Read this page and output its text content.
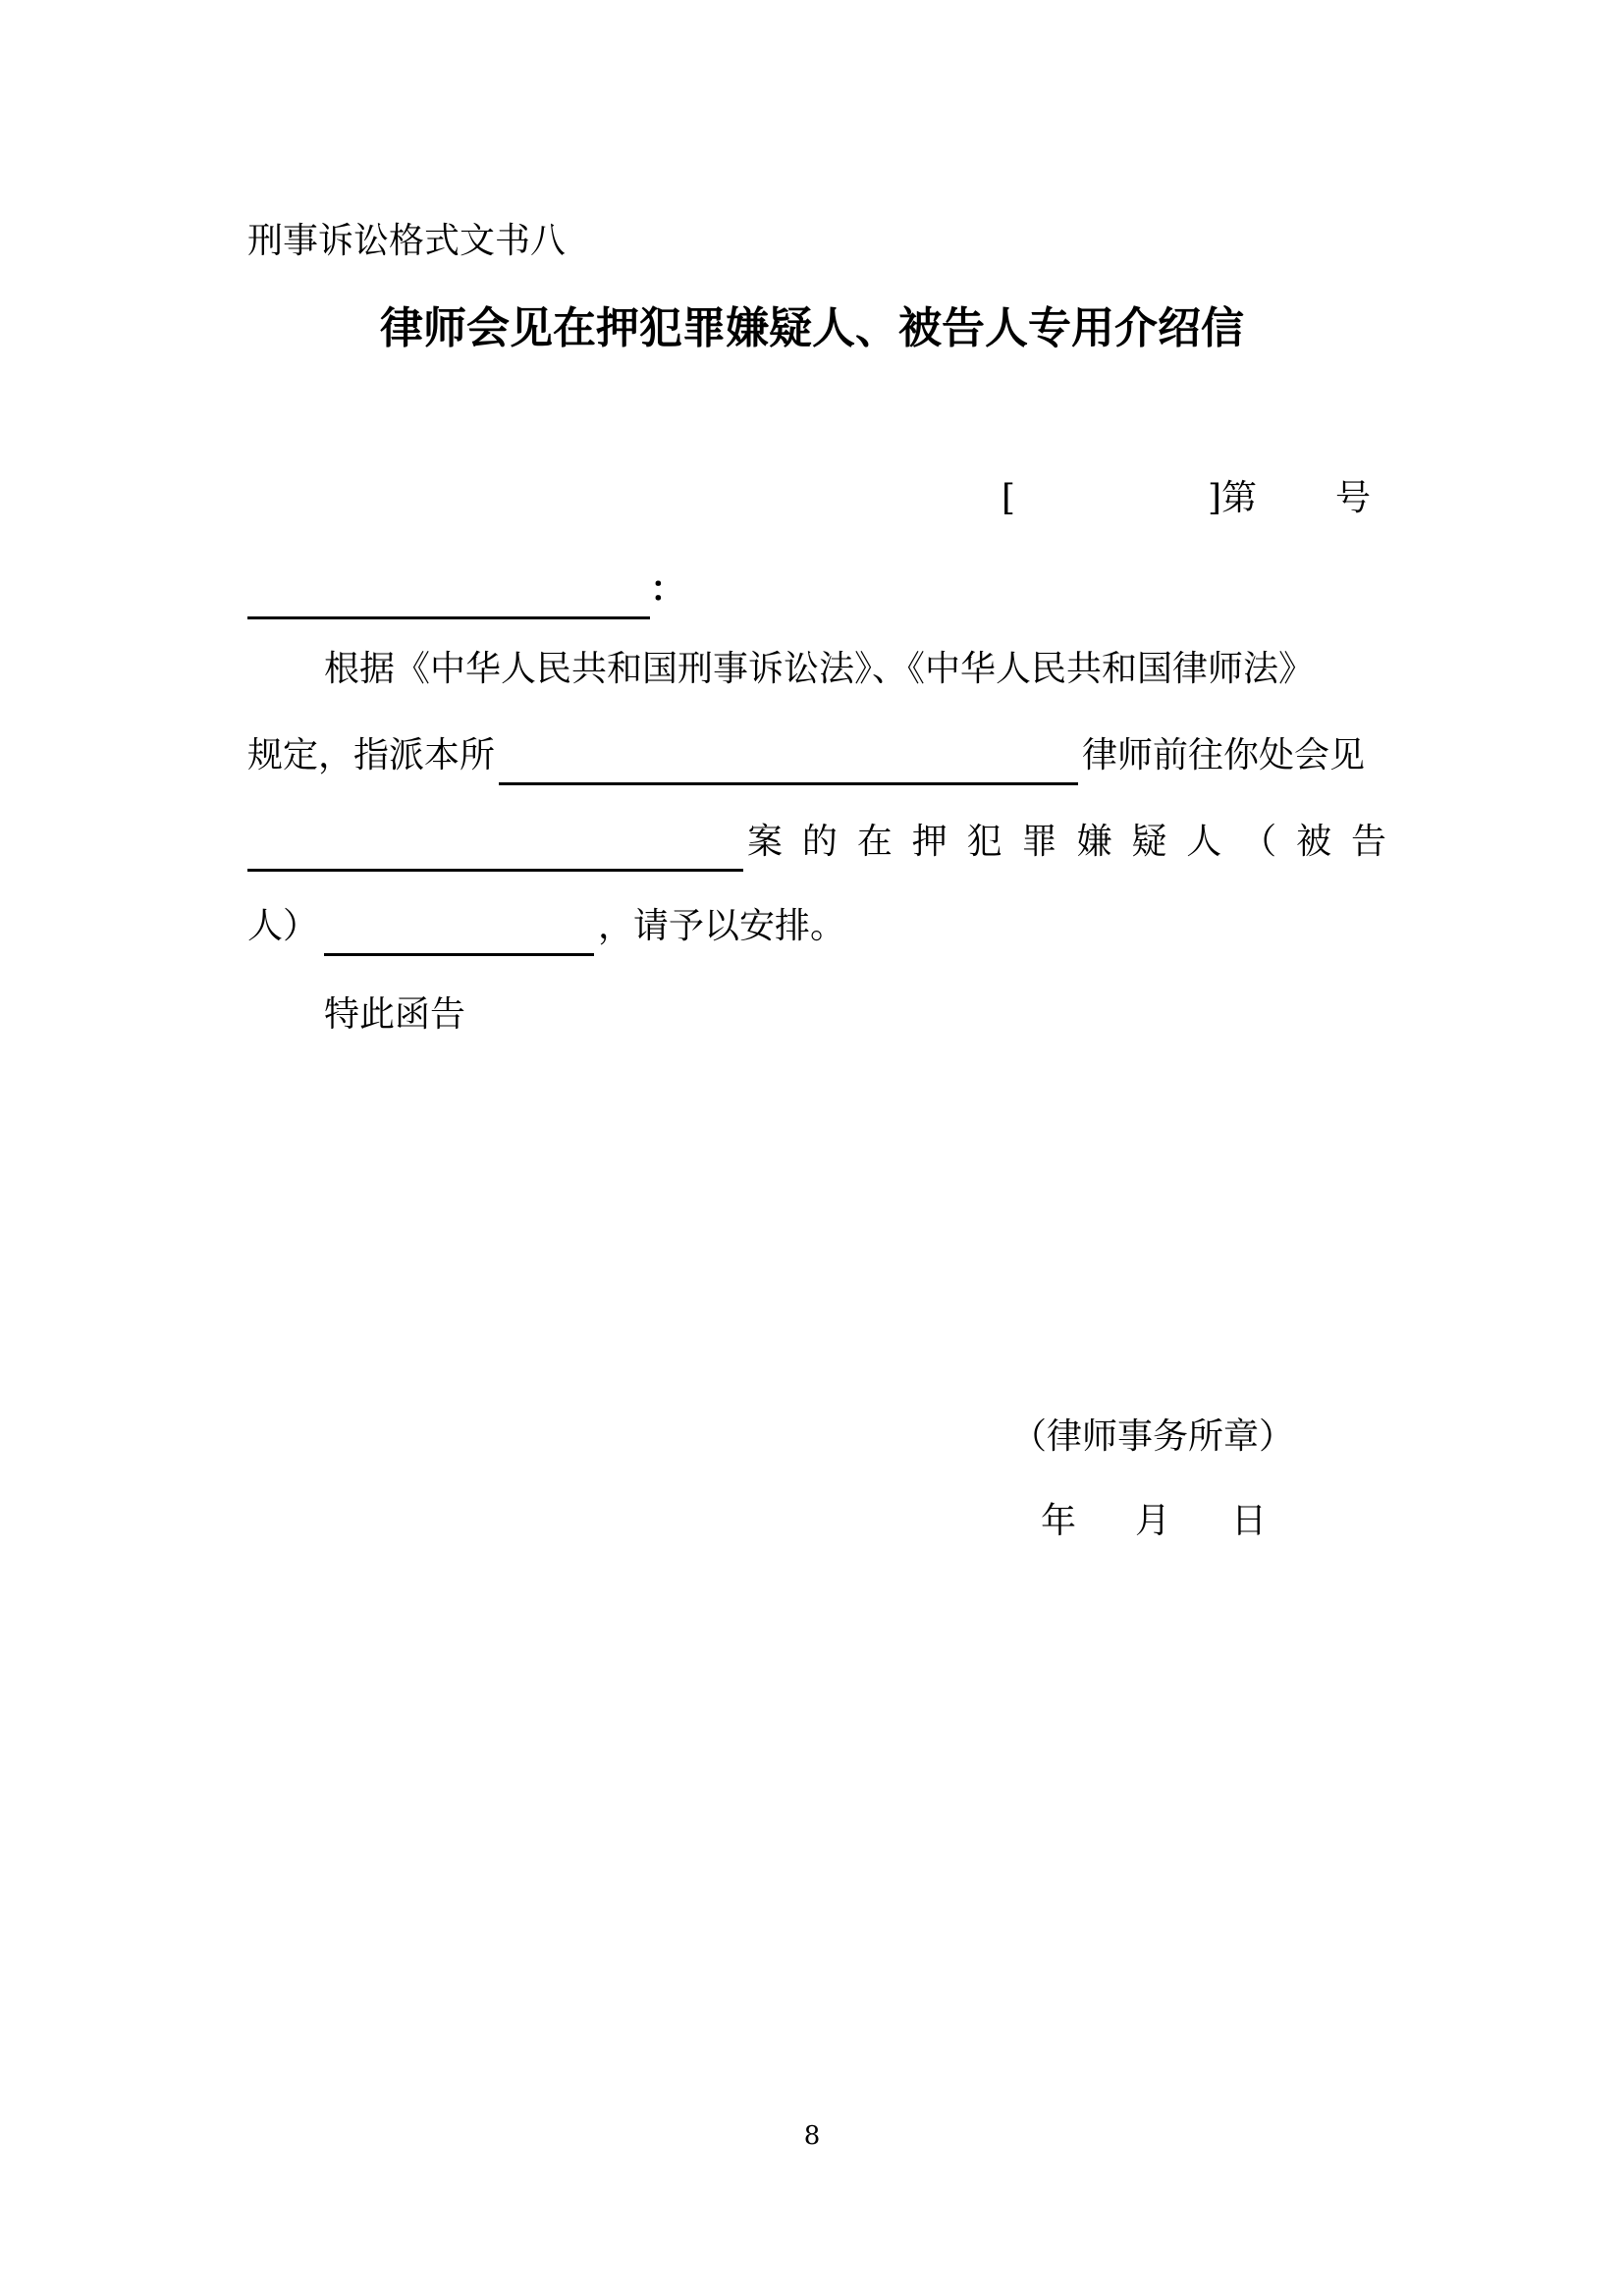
刑事诉讼格式文书八
律师会见在押犯罪嫌疑人、被告人专用介绍信
[	]第 号
：
根据《中华人民共和国刑事诉讼法》、《中华人民共和国律师法》
规定，指派本所	律师前往你处会见
案 的 在 押 犯 罪 嫌 疑 人 （ 被 告
人）	，请予以安排。
特此函告
（律师事务所章）
年 月 日
8
